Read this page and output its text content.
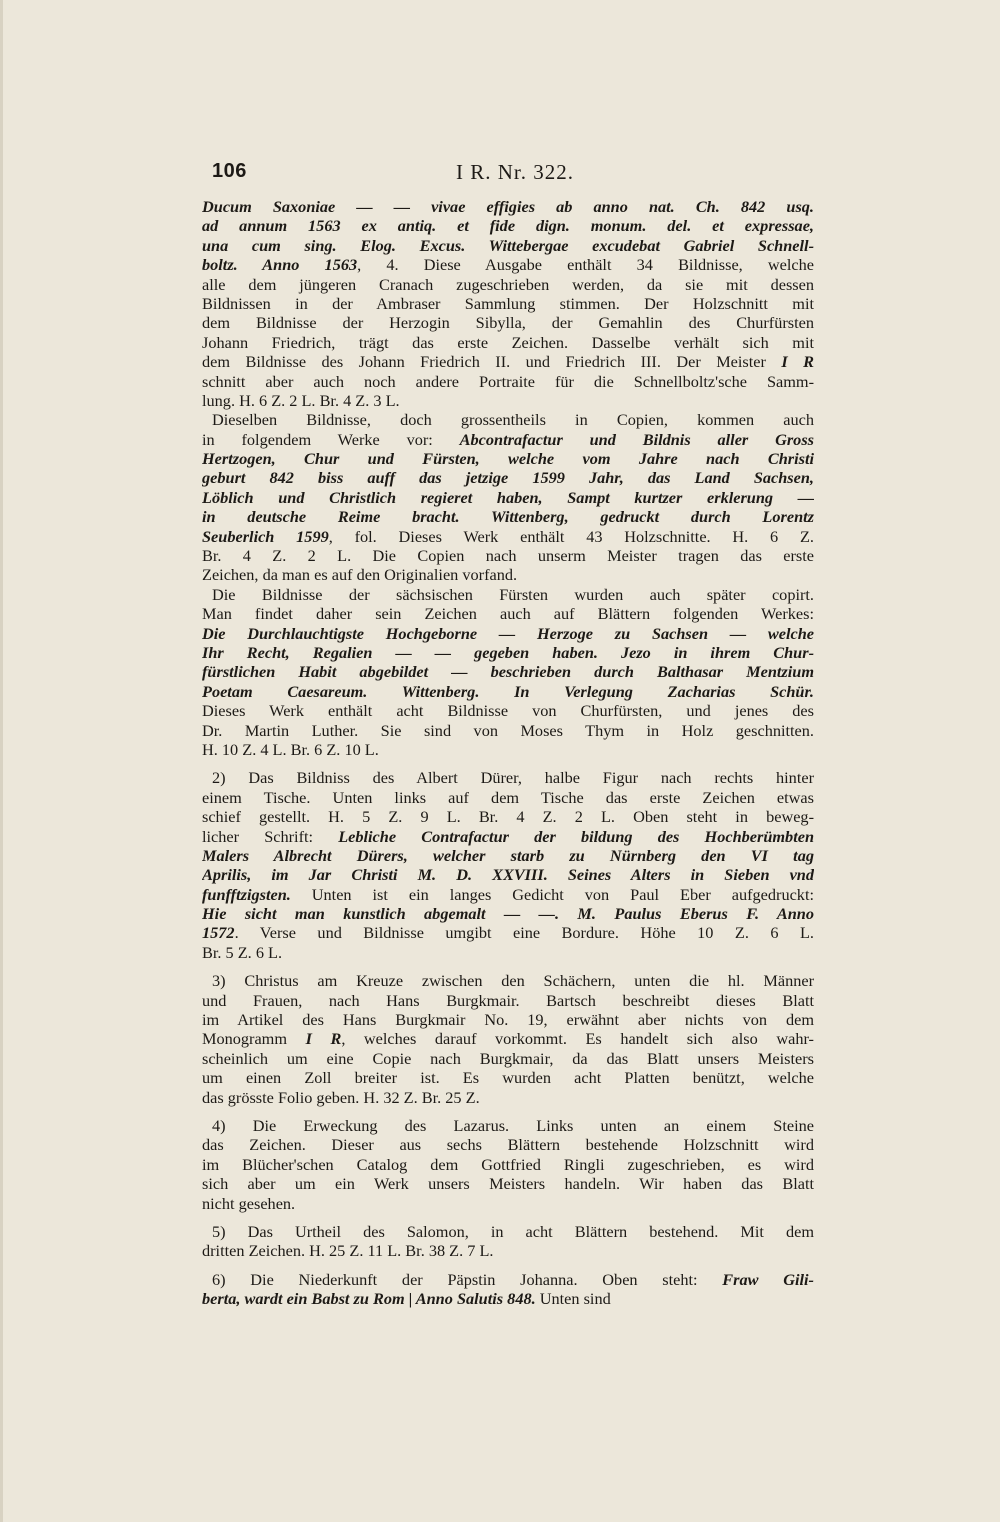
106	I R. Nr. 322.
Ducum Saxoniae — — vivae effigies ab anno nat. Ch. 842 usq.
ad annum 1563 ex antiq. et fide dign. monum. del. et expressae,
una cum sing. Elog. Excus. Wittebergae excudebat Gabriel Schnell-
boltz. Anno 1563, 4. Diese Ausgabe enthält 34 Bildnisse, welche
alle dem jüngeren Cranach zugeschrieben werden, da sie mit dessen
Bildnissen in der Ambraser Sammlung stimmen. Der Holzschnitt mit
dem Bildnisse der Herzogin Sibylla, der Gemahlin des Churfürsten
Johann Friedrich, trägt das erste Zeichen. Dasselbe verhält sich mit
dem Bildnisse des Johann Friedrich II. und Friedrich III. Der Meister I R
schnitt aber auch noch andere Portraite für die Schnellboltz'sche Samm-
lung. H. 6 Z. 2 L. Br. 4 Z. 3 L.
Dieselben Bildnisse, doch grossentheils in Copien, kommen auch
in folgendem Werke vor: Abcontrafactur und Bildnis aller Gross
Hertzogen, Chur und Fürsten, welche vom Jahre nach Christi
geburt 842 biss auff das jetzige 1599 Jahr, das Land Sachsen,
Löblich und Christlich regieret haben, Sampt kurtzer erklerung —
in deutsche Reime bracht. Wittenberg, gedruckt durch Lorentz
Seuberlich 1599, fol. Dieses Werk enthält 43 Holzschnitte. H. 6 Z.
Br. 4 Z. 2 L. Die Copien nach unserm Meister tragen das erste
Zeichen, da man es auf den Originalien vorfand.
Die Bildnisse der sächsischen Fürsten wurden auch später copirt.
Man findet daher sein Zeichen auch auf Blättern folgenden Werkes:
Die Durchlauchtigste Hochgeborne — Herzoge zu Sachsen — welche
Ihr Recht, Regalien — — gegeben haben. Jezo in ihrem Chur-
fürstlichen Habit abgebildet — beschrieben durch Balthasar Mentzium
Poetam Caesareum. Wittenberg. In Verlegung Zacharias Schür.
Dieses Werk enthält acht Bildnisse von Churfürsten, und jenes des
Dr. Martin Luther. Sie sind von Moses Thym in Holz geschnitten.
H. 10 Z. 4 L. Br. 6 Z. 10 L.
2) Das Bildniss des Albert Dürer, halbe Figur nach rechts hinter
einem Tische. Unten links auf dem Tische das erste Zeichen etwas
schief gestellt. H. 5 Z. 9 L. Br. 4 Z. 2 L. Oben steht in beweg-
licher Schrift: Lebliche Contrafactur der bildung des Hochberümbten
Malers Albrecht Dürers, welcher starb zu Nürnberg den VI tag
Aprilis, im Jar Christi M. D. XXVIII. Seines Alters in Sieben vnd
funfftzigsten. Unten ist ein langes Gedicht von Paul Eber aufgedruckt:
Hie sicht man kunstlich abgemalt — —. M. Paulus Eberus F. Anno
1572. Verse und Bildnisse umgibt eine Bordure. Höhe 10 Z. 6 L.
Br. 5 Z. 6 L.
3) Christus am Kreuze zwischen den Schächern, unten die hl. Männer
und Frauen, nach Hans Burgkmair. Bartsch beschreibt dieses Blatt
im Artikel des Hans Burgkmair No. 19, erwähnt aber nichts von dem
Monogramm I R, welches darauf vorkommt. Es handelt sich also wahr-
scheinlich um eine Copie nach Burgkmair, da das Blatt unsers Meisters
um einen Zoll breiter ist. Es wurden acht Platten benützt, welche
das grösste Folio geben. H. 32 Z. Br. 25 Z.
4) Die Erweckung des Lazarus. Links unten an einem Steine
das Zeichen. Dieser aus sechs Blättern bestehende Holzschnitt wird
im Blücher'schen Catalog dem Gottfried Ringli zugeschrieben, es wird
sich aber um ein Werk unsers Meisters handeln. Wir haben das Blatt
nicht gesehen.
5) Das Urtheil des Salomon, in acht Blättern bestehend. Mit dem
dritten Zeichen. H. 25 Z. 11 L. Br. 38 Z. 7 L.
6) Die Niederkunft der Päpstin Johanna. Oben steht: Fraw Gili-
berta, wardt ein Babst zu Rom | Anno Salutis 848. Unten sind
